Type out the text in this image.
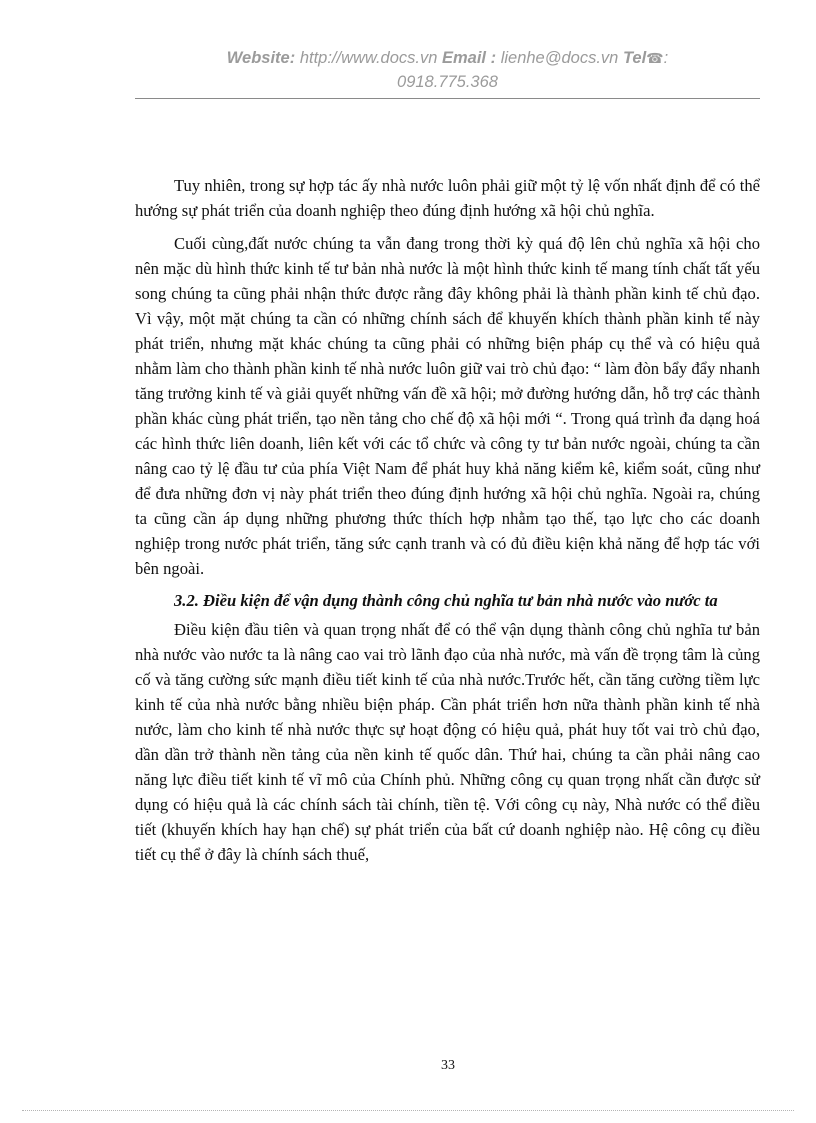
Website: http://www.docs.vn Email : lienhe@docs.vn Tel☎:
0918.775.368

Tuy nhiên, trong sự hợp tác ấy nhà nước luôn phải giữ một tỷ lệ vốn nhất định để có thể hướng sự phát triển của doanh nghiệp theo đúng định hướng xã hội chủ nghĩa.

Cuối cùng,đất nước chúng ta vẫn đang trong thời kỳ quá độ lên chủ nghĩa xã hội cho nên mặc dù hình thức kinh tế tư bản nhà nước là một hình thức kinh tế mang tính chất tất yếu song chúng ta cũng phải nhận thức được rằng đây không phải là thành phần kinh tế chủ đạo. Vì vậy, một mặt chúng ta cần có những chính sách để khuyến khích thành phần kinh tế này phát triển, nhưng mặt khác chúng ta cũng phải có những biện pháp cụ thể và có hiệu quả nhằm làm cho thành phần kinh tế nhà nước luôn giữ vai trò chủ đạo: “ làm đòn bẩy đẩy nhanh tăng trưởng kinh tế và giải quyết những vấn đề xã hội; mở đường hướng dẫn, hỗ trợ các thành phần khác cùng phát triển, tạo nền tảng cho chế độ xã hội mới “. Trong quá trình đa dạng hoá các hình thức liên doanh, liên kết với các tổ chức và công ty tư bản nước ngoài, chúng ta cần nâng cao tỷ lệ đầu tư của phía Việt Nam để phát huy khả năng kiểm kê, kiểm soát, cũng như để đưa những đơn vị này phát triển theo đúng định hướng xã hội chủ nghĩa. Ngoài ra, chúng ta cũng cần áp dụng những phương thức thích hợp nhằm tạo thế, tạo lực cho các doanh nghiệp trong nước phát triển, tăng sức cạnh tranh và có đủ điều kiện khả năng để hợp tác với bên ngoài.

3.2. Điều kiện để vận dụng thành công chủ nghĩa tư bản nhà nước vào nước ta

Điều kiện đầu tiên và quan trọng nhất để có thể vận dụng thành công chủ nghĩa tư bản nhà nước vào nước ta là nâng cao vai trò lãnh đạo của nhà nước, mà vấn đề trọng tâm là củng cố và tăng cường sức mạnh điều tiết kinh tế của nhà nước.Trước hết, cần tăng cường tiềm lực kinh tế của nhà nước bằng nhiều biện pháp. Cần phát triển hơn nữa thành phần kinh tế nhà nước, làm cho kinh tế nhà nước thực sự hoạt động có hiệu quả, phát huy tốt vai trò chủ đạo, dần dần trở thành nền tảng của nền kinh tế quốc dân. Thứ hai, chúng ta cần phải nâng cao năng lực điều tiết kinh tế vĩ mô của Chính phủ. Những công cụ quan trọng nhất cần được sử dụng có hiệu quả là các chính sách tài chính, tiền tệ. Với công cụ này, Nhà nước có thể điều tiết (khuyến khích hay hạn chế) sự phát triển của bất cứ doanh nghiệp nào. Hệ công cụ điều tiết cụ thể ở đây là chính sách thuế,

33
